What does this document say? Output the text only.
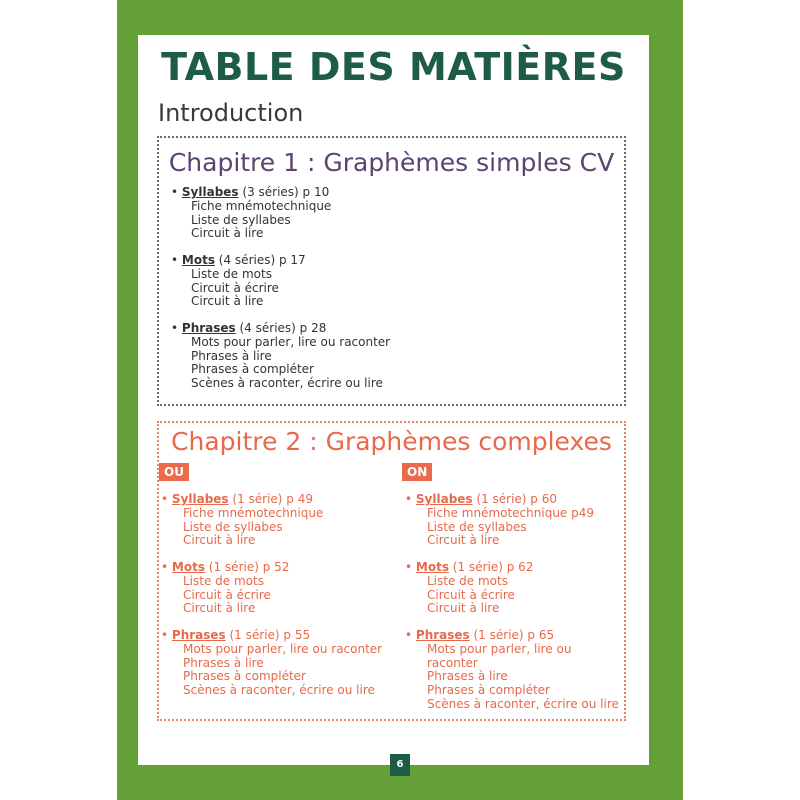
TABLE DES MATIÈRES
Introduction
Chapitre 1 : Graphèmes simples CV
• Syllabes (3 séries) p 10
Fiche mnémotechnique
Liste de syllabes
Circuit à lire
• Mots (4 séries) p 17
Liste de mots
Circuit à écrire
Circuit à lire
• Phrases (4 séries) p 28
Mots pour parler, lire ou raconter
Phrases à lire
Phrases à compléter
Scènes à raconter, écrire ou lire
Chapitre 2 : Graphèmes complexes
OU	ON
• Syllabes (1 série) p 49
Fiche mnémotechnique
Liste de syllabes
Circuit à lire
• Mots (1 série) p 52
Liste de mots
Circuit à écrire
Circuit à lire
• Phrases (1 série) p 55
Mots pour parler, lire ou raconter
Phrases à lire
Phrases à compléter
Scènes à raconter, écrire ou lire
• Syllabes (1 série) p 60
Fiche mnémotechnique p49
Liste de syllabes
Circuit à lire
• Mots (1 série) p 62
Liste de mots
Circuit à écrire
Circuit à lire
• Phrases (1 série) p 65
Mots pour parler, lire ou raconter
Phrases à lire
Phrases à compléter
Scènes à raconter, écrire ou lire
6
